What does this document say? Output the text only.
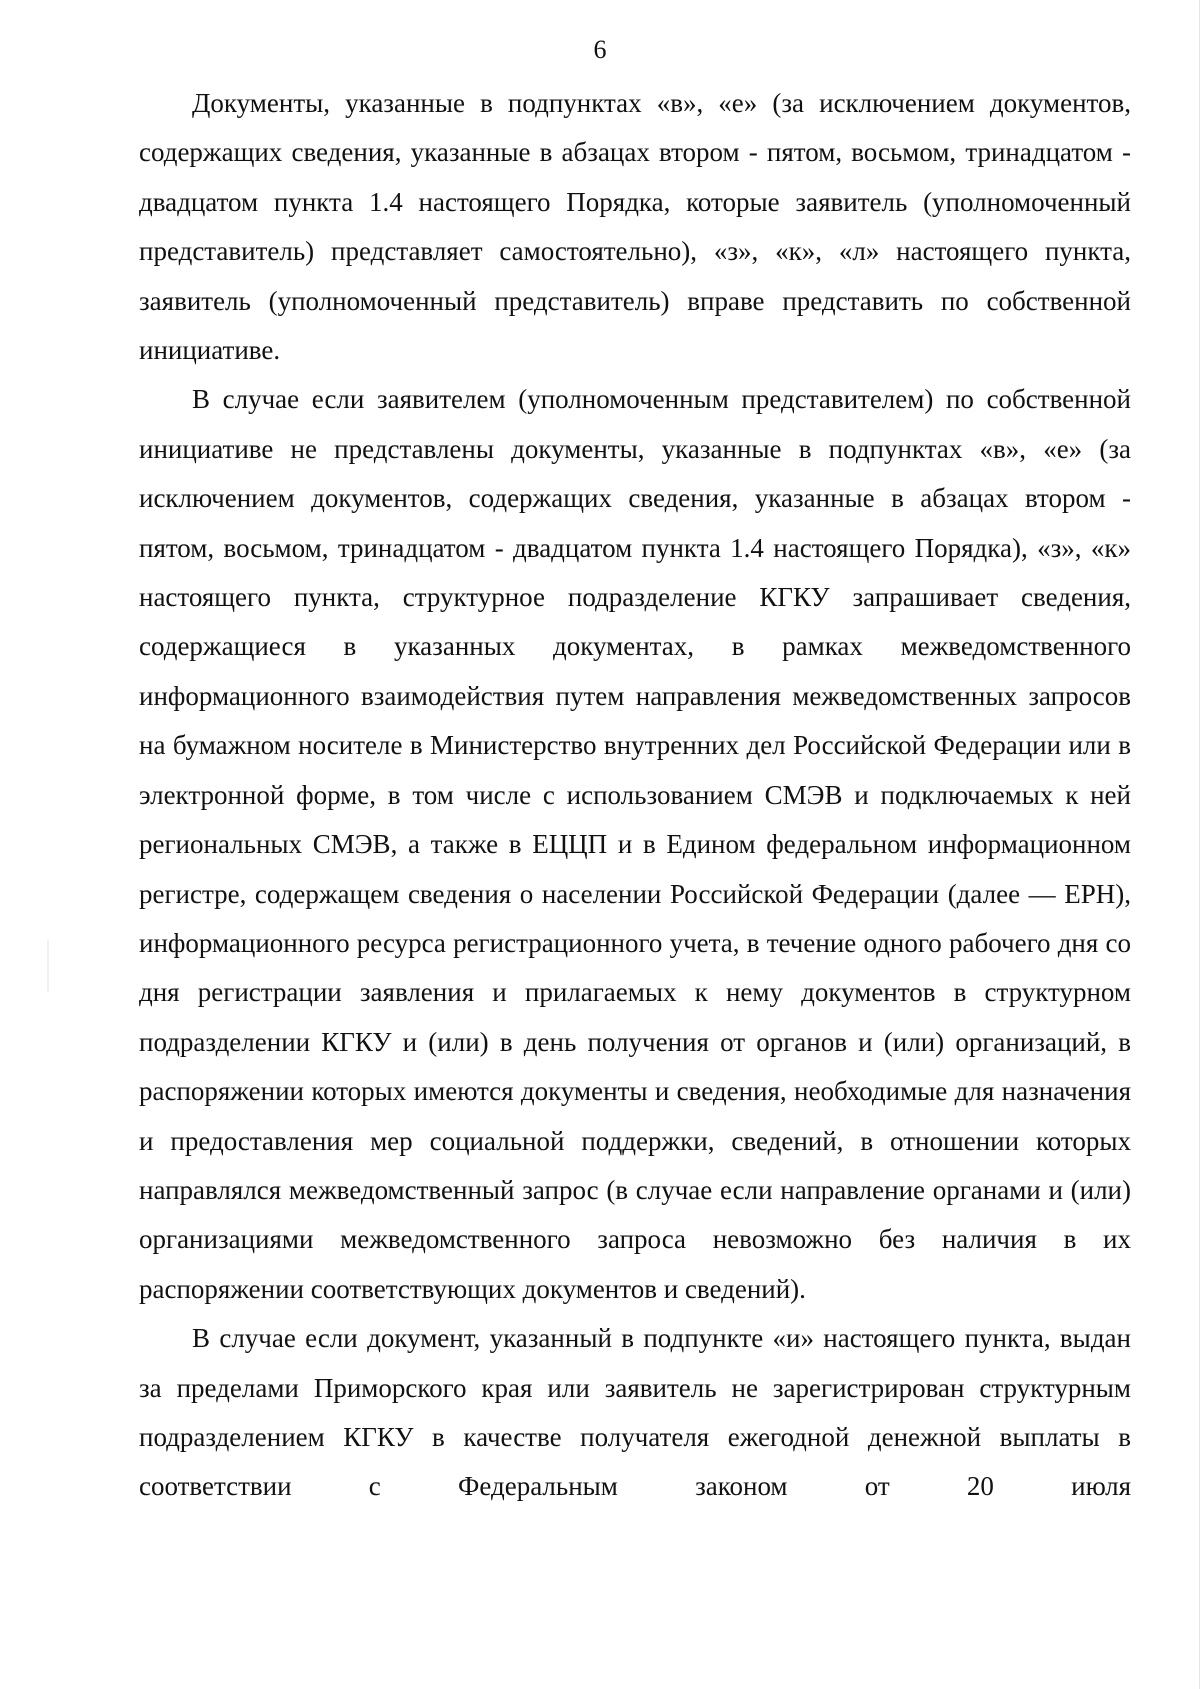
6

Документы, указанные в подпунктах «в», «е» (за исключением документов, содержащих сведения, указанные в абзацах втором - пятом, восьмом, тринадцатом - двадцатом пункта 1.4 настоящего Порядка, которые заявитель (уполномоченный представитель) представляет самостоятельно), «з», «к», «л» настоящего пункта, заявитель (уполномоченный представитель) вправе представить по собственной инициативе.

В случае если заявителем (уполномоченным представителем) по собственной инициативе не представлены документы, указанные в подпунктах «в», «е» (за исключением документов, содержащих сведения, указанные в абзацах втором - пятом, восьмом, тринадцатом - двадцатом пункта 1.4 настоящего Порядка), «з», «к» настоящего пункта, структурное подразделение КГКУ запрашивает сведения, содержащиеся в указанных документах, в рамках межведомственного информационного взаимодействия путем направления межведомственных запросов на бумажном носителе в Министерство внутренних дел Российской Федерации или в электронной форме, в том числе с использованием СМЭВ и подключаемых к ней региональных СМЭВ, а также в ЕЦЦП и в Едином федеральном информационном регистре, содержащем сведения о населении Российской Федерации (далее — ЕРН), информационного ресурса регистрационного учета, в течение одного рабочего дня со дня регистрации заявления и прилагаемых к нему документов в структурном подразделении КГКУ и (или) в день получения от органов и (или) организаций, в распоряжении которых имеются документы и сведения, необходимые для назначения и предоставления мер социальной поддержки, сведений, в отношении которых направлялся межведомственный запрос (в случае если направление органами и (или) организациями межведомственного запроса невозможно без наличия в их распоряжении соответствующих документов и сведений).

В случае если документ, указанный в подпункте «и» настоящего пункта, выдан за пределами Приморского края или заявитель не зарегистрирован структурным подразделением КГКУ в качестве получателя ежегодной денежной выплаты в соответствии с Федеральным законом от 20 июля
